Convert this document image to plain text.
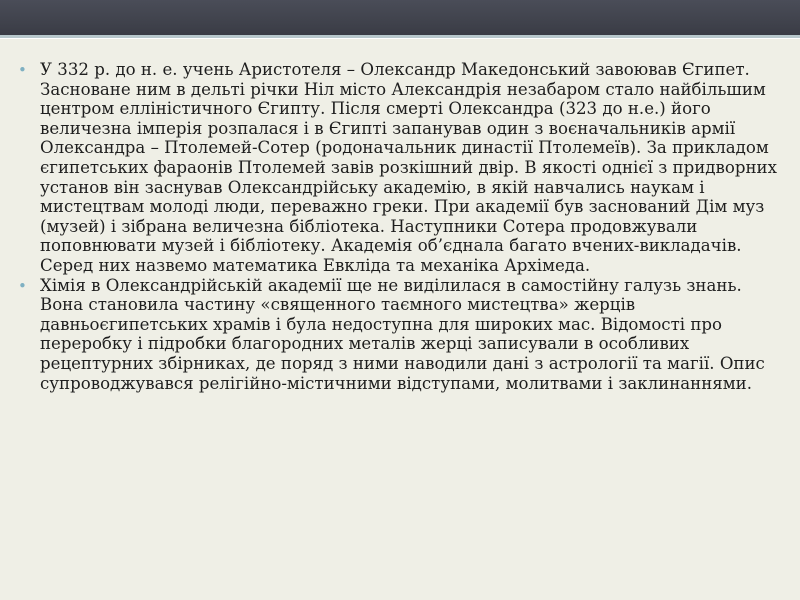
• У 332 р. до н. е. учень Аристотеля – Олександр Македонський завоював Єгипет. Засноване ним в дельті річки Ніл місто Александрія незабаром стало найбільшим центром елліністичного Єгипту. Після смерті Олександра (323 до н.е.) його величезна імперія розпалася і в Єгипті запанував один з воєначальників армії Олександра – Птолемей-Сотер (родоначальник династії Птолемеїв). За прикладом єгипетських фараонів Птолемей завів розкішний двір. В якості однієї з придворних установ він заснував Олександрійську академію, в якій навчались наукам і мистецтвам молоді люди, переважно греки. При академії був заснований Дім муз (музей) і зібрана величезна бібліотека. Наступники Сотера продовжували поповнювати музей і бібліотеку. Академія об’єднала багато вчених-викладачів. Серед них назвемо математика Евкліда та механіка Архімеда.
• Хімія в Олександрійській академії ще не виділилася в самостійну галузь знань. Вона становила частину «священного таємного мистецтва» жерців давньоєгипетських храмів і була недоступна для широких мас. Відомості про переробку і підробки благородних металів жерці записували в особливих рецептурних збірниках, де поряд з ними наводили дані з астрології та магії. Опис супроводжувався релігійно-містичними відступами, молитвами і заклинаннями.
